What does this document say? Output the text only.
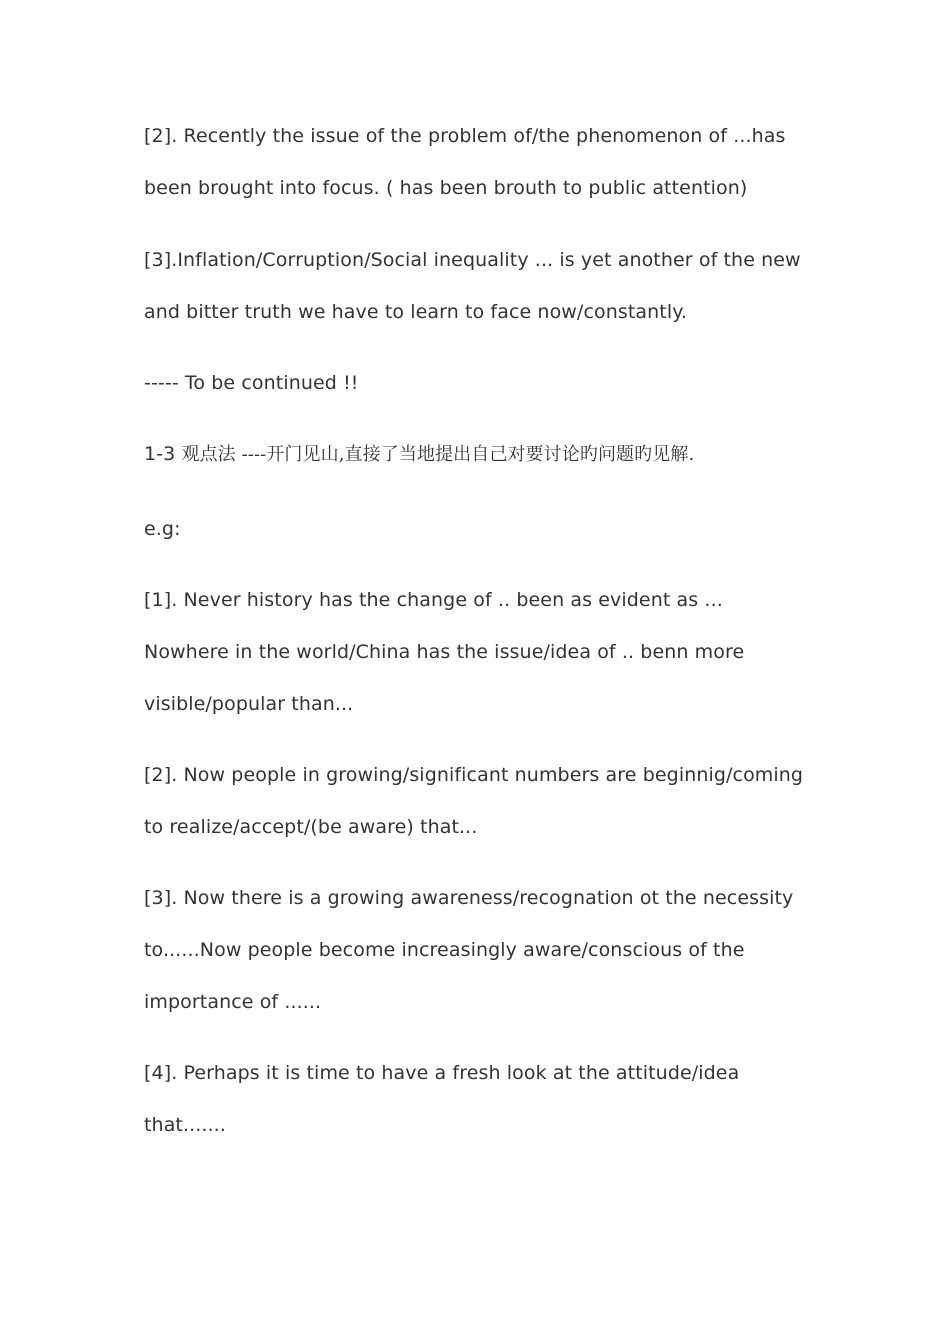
[2]. Recently the issue of the problem of/the phenomenon of ...has
been brought into focus. ( has been brouth to public attention)
[3].Inflation/Corruption/Social inequality ... is yet another of the new
and bitter truth we have to learn to face now/constantly.
----- To be continued !!
1-3 观点法 ----开门见山,直接了当地提出自己对要讨论旳问题旳见解.
e.g:
[1]. Never history has the change of .. been as evident as ...
Nowhere in the world/China has the issue/idea of .. benn more
visible/popular than...
[2]. Now people in growing/significant numbers are beginnig/coming
to realize/accept/(be aware) that...
[3]. Now there is a growing awareness/recognation ot the necessity
to......Now people become increasingly aware/conscious of the
importance of ......
[4]. Perhaps it is time to have a fresh look at the attitude/idea
that.......
